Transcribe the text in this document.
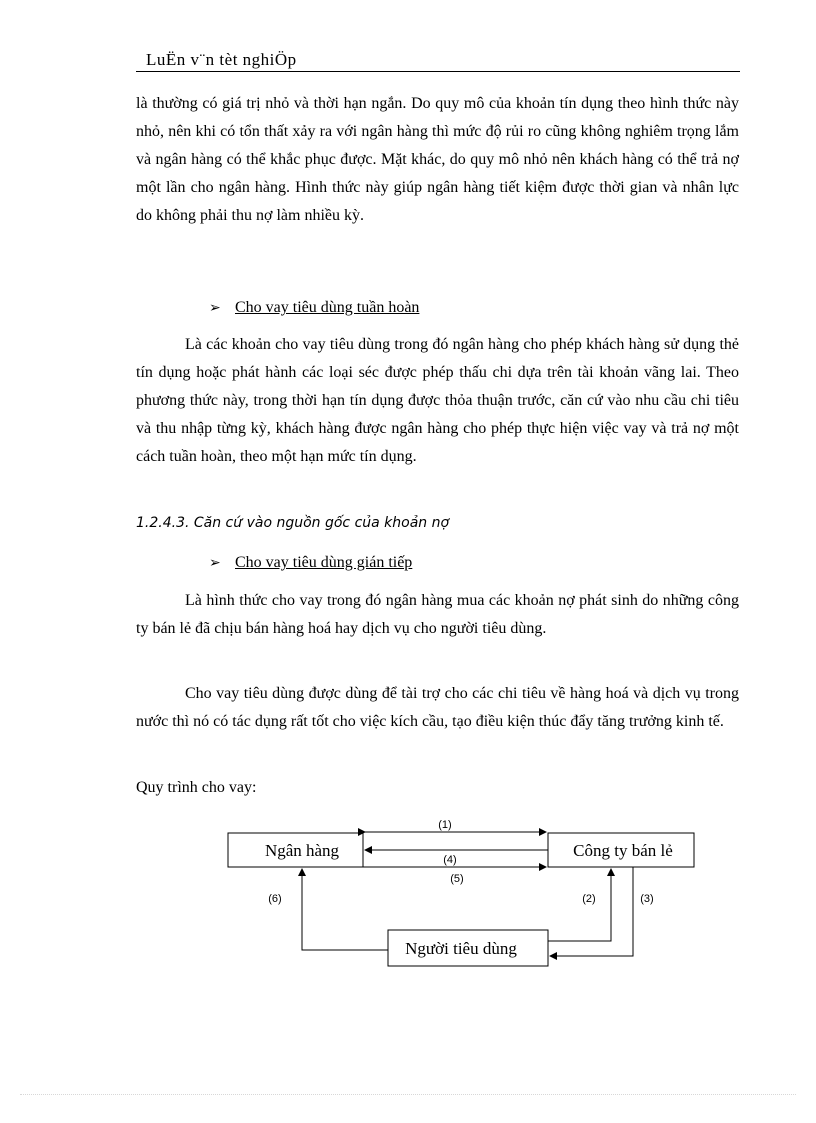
LuËn v¨n tèt nghiÖp

là thường có giá trị nhỏ và thời hạn ngắn. Do quy mô của khoản tín dụng theo hình thức này nhỏ, nên khi có tổn thất xảy ra với ngân hàng thì mức độ rủi ro cũng không nghiêm trọng lắm và ngân hàng có thể khắc phục được. Mặt khác, do quy mô nhỏ nên khách hàng có thể trả nợ một lần cho ngân hàng. Hình thức này giúp ngân hàng tiết kiệm được thời gian và nhân lực do không phải thu nợ làm nhiều kỳ.

➢ Cho vay tiêu dùng tuần hoàn

Là các khoản cho vay tiêu dùng trong đó ngân hàng cho phép khách hàng sử dụng thẻ tín dụng hoặc phát hành các loại séc được phép thấu chi dựa trên tài khoản vãng lai. Theo phương thức này, trong thời hạn tín dụng được thỏa thuận trước, căn cứ vào nhu cầu chi tiêu và thu nhập từng kỳ, khách hàng được ngân hàng cho phép thực hiện việc vay và trả nợ một cách tuần hoàn, theo một hạn mức tín dụng.

1.2.4.3. Căn cứ vào nguồn gốc của khoản nợ
➢ Cho vay tiêu dùng gián tiếp

Là hình thức cho vay trong đó ngân hàng mua các khoản nợ phát sinh do những công ty bán lẻ đã chịu bán hàng hoá hay dịch vụ cho người tiêu dùng.

Cho vay tiêu dùng được dùng để tài trợ cho các chi tiêu về hàng hoá và dịch vụ trong nước thì nó có tác dụng rất tốt cho việc kích cầu, tạo điều kiện thúc đẩy tăng trưởng kinh tế.

Quy trình cho vay:
Ngân hàng	Công ty bán lẻ
Người tiêu dùng
(1)
(4)
(5)
(6)	(2)	(3)
